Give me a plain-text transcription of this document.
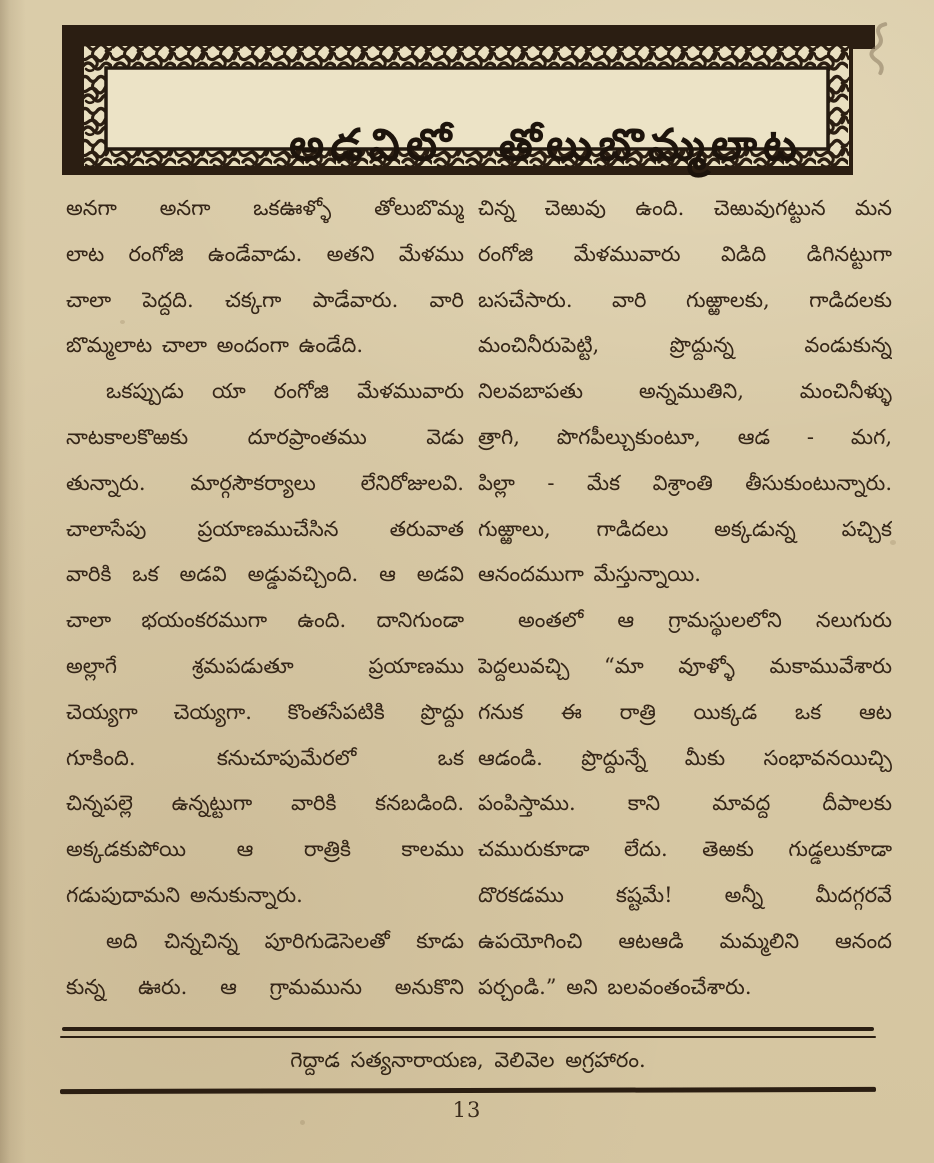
అడవిలో తోలుబొమ్మలాట
అనగా అనగా ఒకఊళ్ళో తోలుబొమ్మ
లాట రంగోజి ఉండేవాడు. అతని మేళము
చాలా పెద్దది. చక్కగా పాడేవారు. వారి
బొమ్మలాట చాలా అందంగా ఉండేది.
ఒకప్పుడు యా రంగోజి మేళమువారు
నాటకాలకొఱకు దూరప్రాంతము వెడు
తున్నారు. మార్గసౌకర్యాలు లేనిరోజులవి.
చాలాసేపు ప్రయాణముచేసిన తరువాత
వారికి ఒక అడవి అడ్డువచ్చింది. ఆ అడవి
చాలా భయంకరముగా ఉంది. దానిగుండా
అల్లాగే శ్రమపడుతూ ప్రయాణము
చెయ్యగా చెయ్యగా. కొంతసేపటికి ప్రొద్దు
గూకింది. కనుచూపుమేరలో ఒక
చిన్నపల్లె ఉన్నట్టుగా వారికి కనబడింది.
అక్కడకుపోయి ఆ రాత్రికి కాలము
గడుపుదామని అనుకున్నారు.
అది చిన్నచిన్న పూరిగుడెసెలతో కూడు
కున్న ఊరు. ఆ గ్రామమును అనుకొని
చిన్న చెఱువు ఉంది. చెఱువుగట్టున మన
రంగోజి మేళమువారు విడిది డిగినట్టుగా
బసచేసారు. వారి గుఱ్ఱాలకు, గాడిదలకు
మంచినీరుపెట్టి, ప్రొద్దున్న వండుకున్న
నిలవబాపతు అన్నముతిని, మంచినీళ్ళు
త్రాగి, పొగపీల్చుకుంటూ, ఆడ - మగ,
పిల్లా - మేక విశ్రాంతి తీసుకుంటున్నారు.
గుఱ్ఱాలు, గాడిదలు అక్కడున్న పచ్చిక
ఆనందముగా మేస్తున్నాయి.
అంతలో ఆ గ్రామస్థులలోని నలుగురు
పెద్దలువచ్చి “మా వూళ్ళో మకామువేశారు
గనుక ఈ రాత్రి యిక్కడ ఒక ఆట
ఆడండి. ప్రొద్దున్నే మీకు సంభావనయిచ్చి
పంపిస్తాము. కాని మావద్ద దీపాలకు
చమురుకూడా లేదు. తెఱకు గుడ్డలుకూడా
దొరకడము కష్టమే! అన్నీ మీదగ్గరవే
ఉపయోగించి ఆటఆడి మమ్మలిని ఆనంద
పర్చండి.” అని బలవంతంచేశారు.
గెద్దాడ సత్యనారాయణ, వెలివెల అగ్రహారం.
13
